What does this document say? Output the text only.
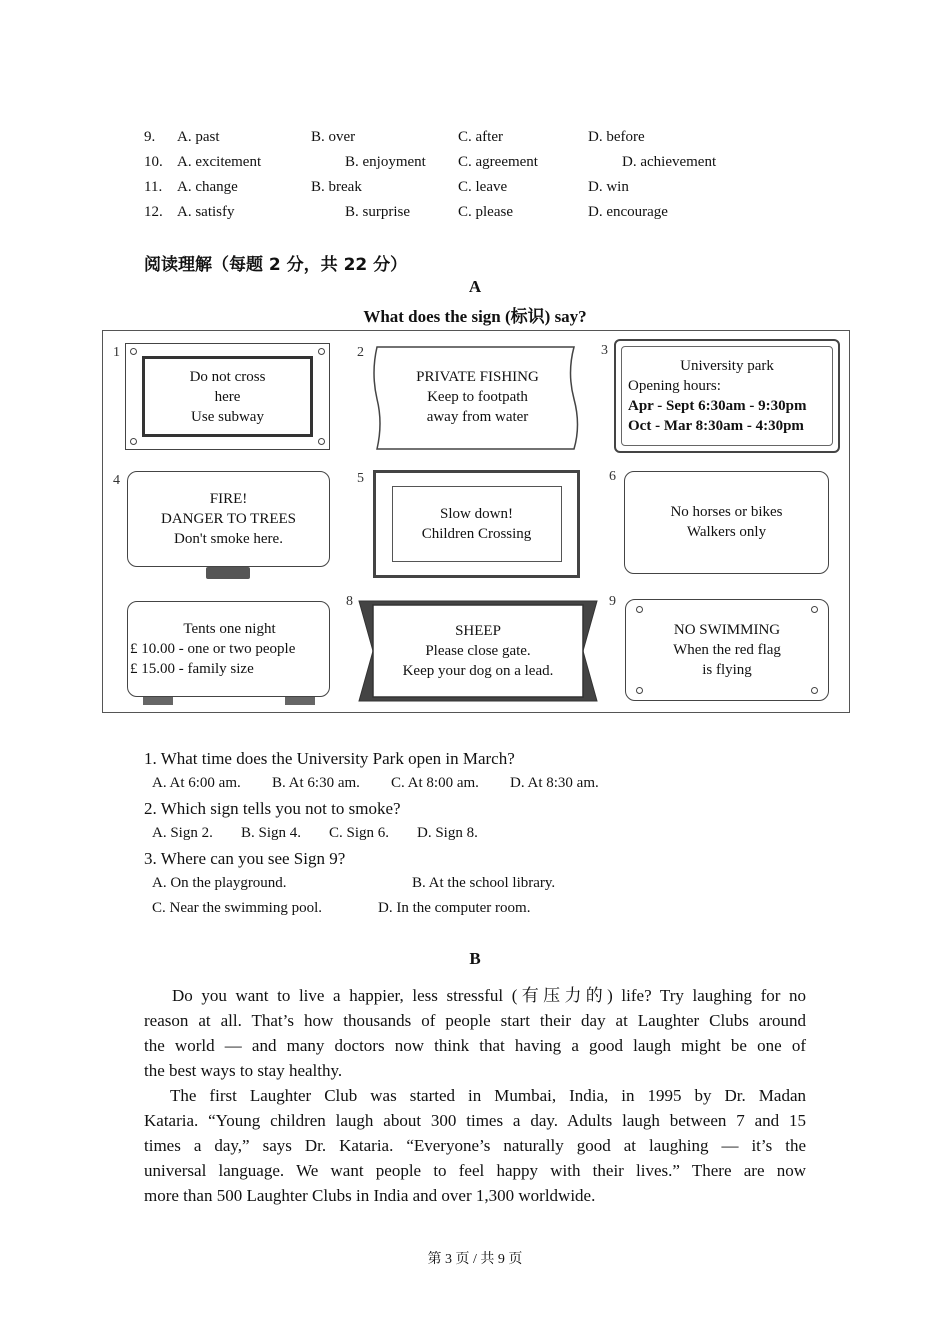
9. A. past	B. over	C. after	D. before
10. A. excitement	B. enjoyment C. agreement	D. achievement
11. A. change	B. break	C. leave	D. win
12. A. satisfy	B. surprise	C. please	D. encourage
阅读理解（每题 2 分，共 22 分）
A
What does the sign (标识) say?
1
Do not cross
here
Use subway
2
PRIVATE FISHING
Keep to footpath
away from water
3
University park
Opening hours:
Apr - Sept 6:30am - 9:30pm
Oct - Mar 8:30am - 4:30pm
4
FIRE!
DANGER TO TREES
Don't smoke here.
5
Slow down!
Children Crossing
6
No horses or bikes
Walkers only
Tents one night
£ 10.00 - one or two people
£ 15.00 - family size
8
SHEEP
Please close gate.
Keep your dog on a lead.
9
NO SWIMMING
When the red flag
is flying
1. What time does the University Park open in March?
A. At 6:00 am. B. At 6:30 am. C. At 8:00 am. D. At 8:30 am.
2. Which sign tells you not to smoke?
A. Sign 2. B. Sign 4. C. Sign 6. D. Sign 8.
3. Where can you see Sign 9?
A. On the playground.	B. At the school library.
C. Near the swimming pool.	D. In the computer room.
B
Do you want to live a happier, less stressful (有压力的) life? Try laughing for no
reason at all. That’s how thousands of people start their day at Laughter Clubs around
the world — and many doctors now think that having a good laugh might be one of
the best ways to stay healthy.
The first Laughter Club was started in Mumbai, India, in 1995 by Dr. Madan
Kataria. “Young children laugh about 300 times a day. Adults laugh between 7 and 15
times a day,” says Dr. Kataria. “Everyone’s naturally good at laughing — it’s the
universal language. We want people to feel happy with their lives.” There are now
more than 500 Laughter Clubs in India and over 1,300 worldwide.
第 3 页 / 共 9 页
